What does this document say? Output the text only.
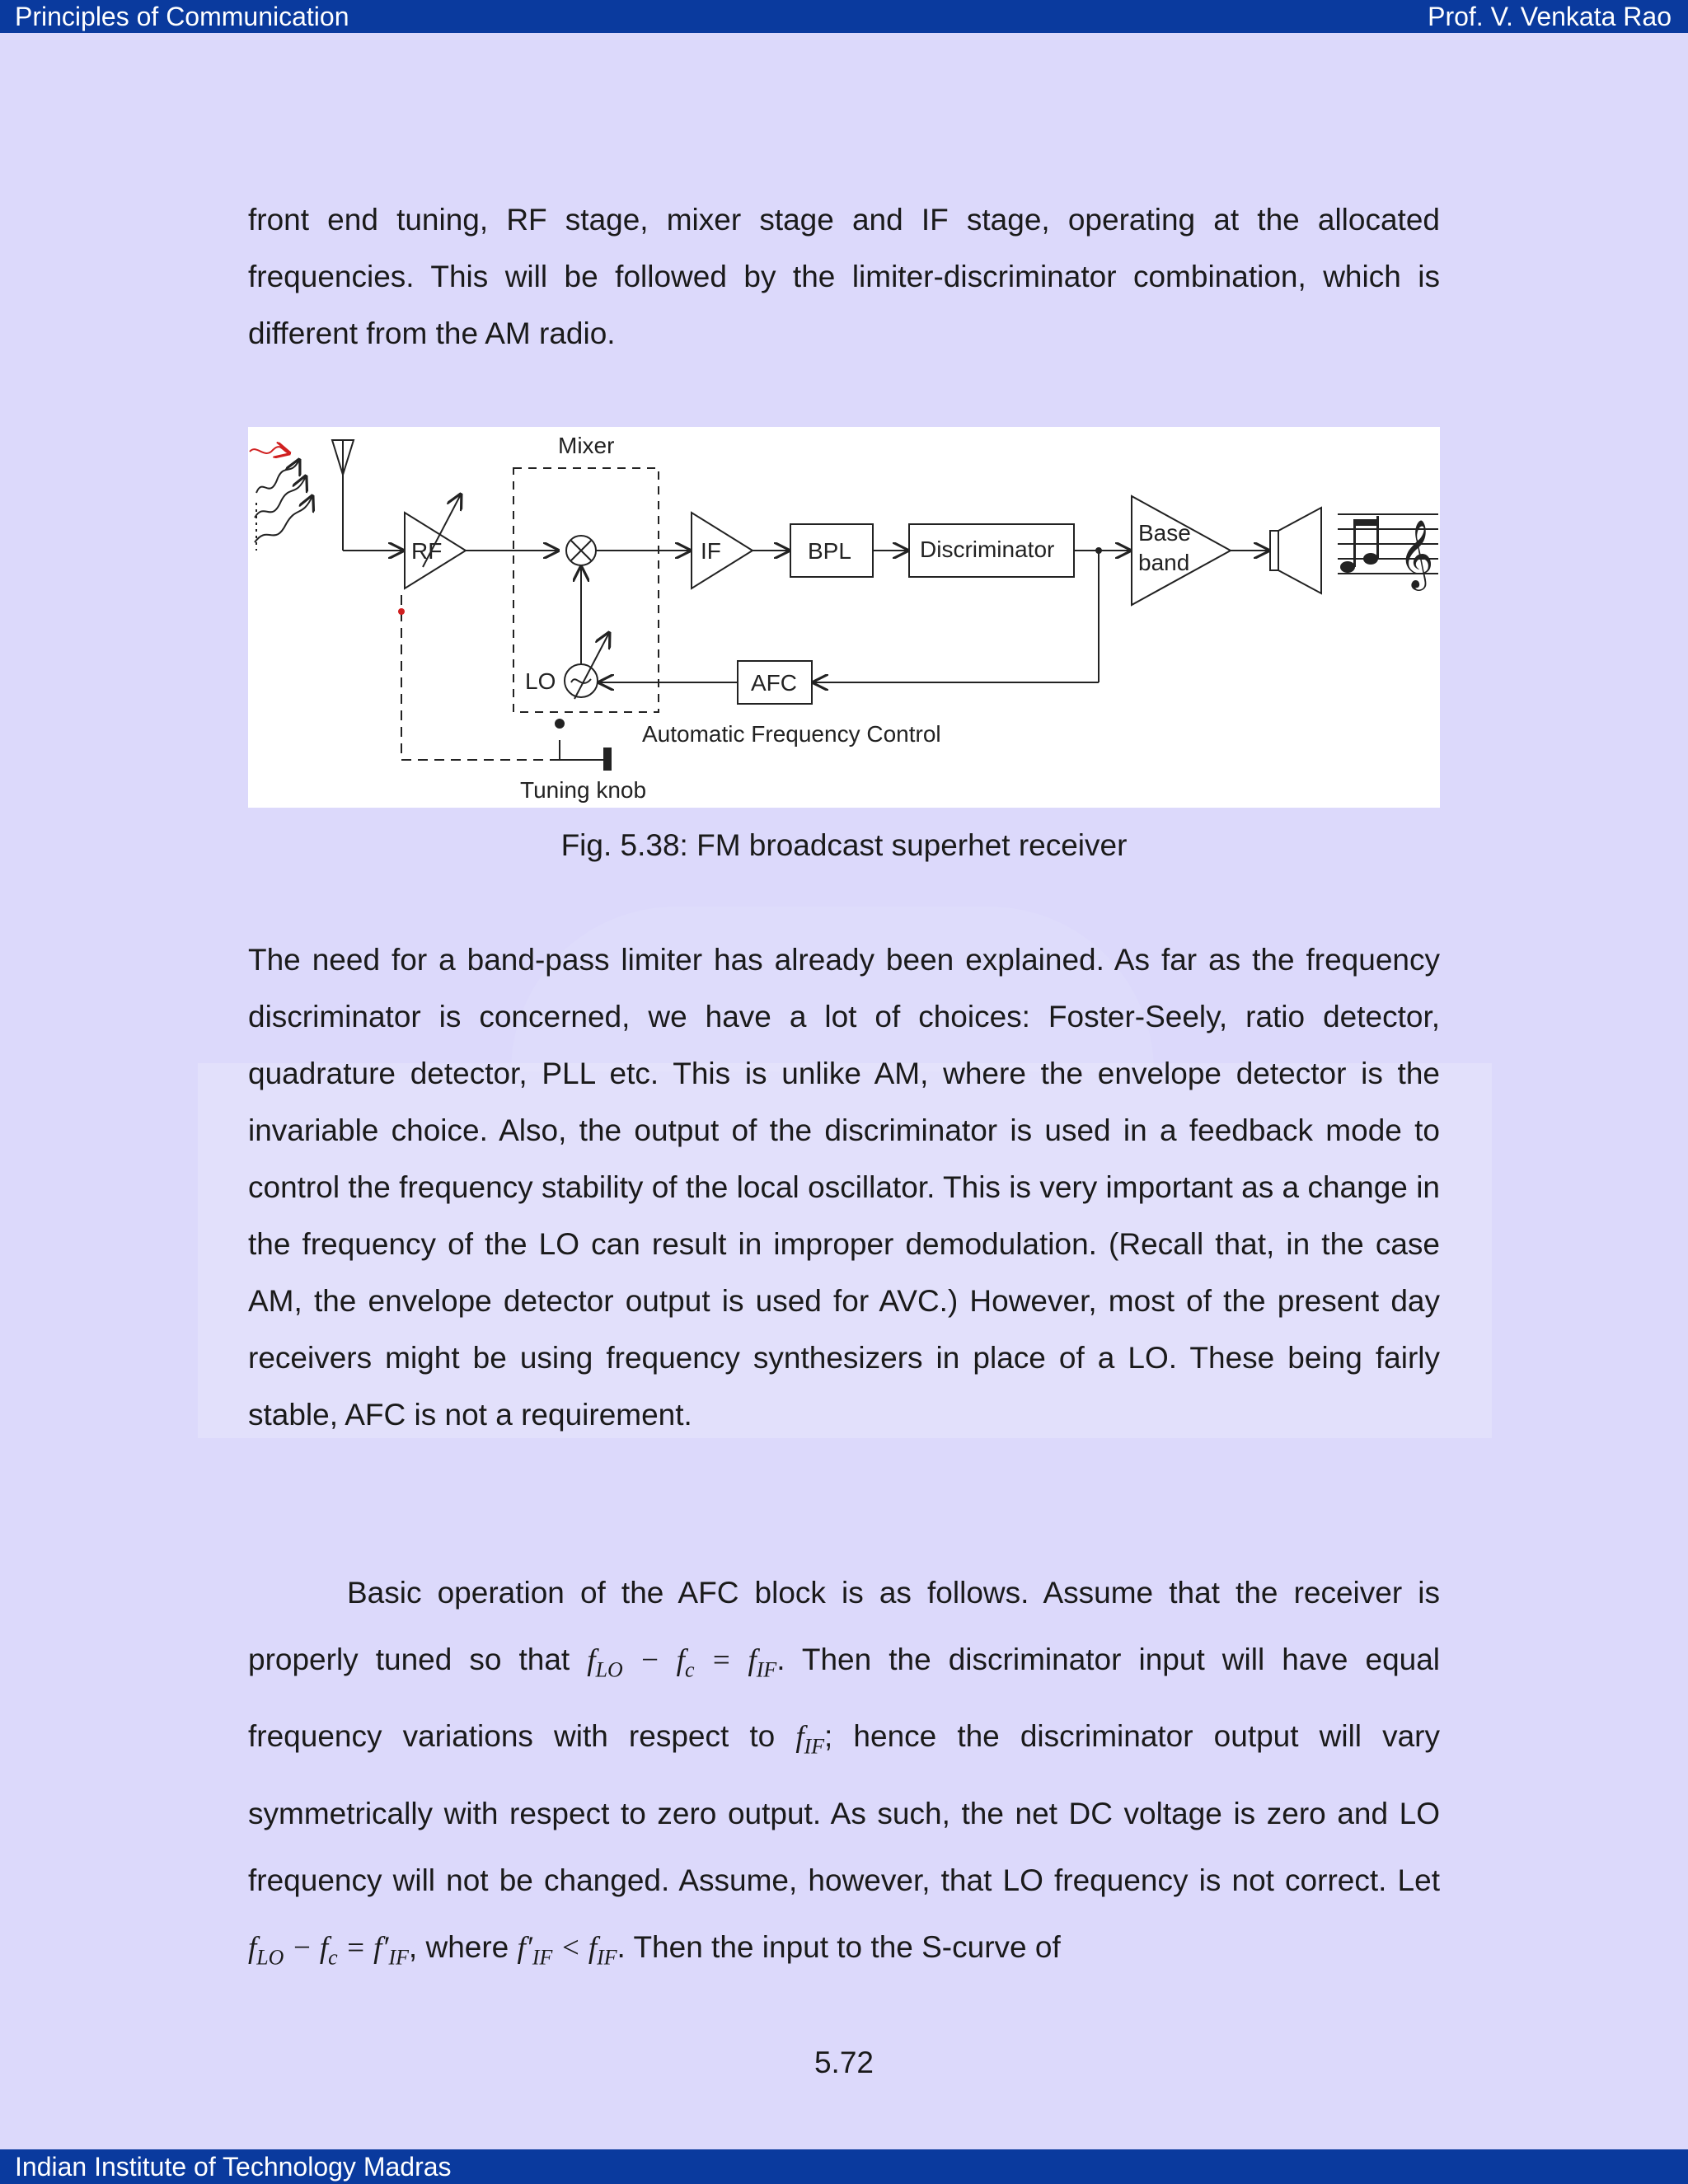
Principles of Communication	Prof. V. Venkata Rao

front end tuning, RF stage, mixer stage and IF stage, operating at the allocated frequencies. This will be followed by the limiter-discriminator combination, which is different from the AM radio.

𝄞
Mixer
RF	IF	BPL	Discriminator
Base
band
LO	AFC
Automatic Frequency Control
Tuning knob
Fig. 5.38: FM broadcast superhet receiver

The need for a band-pass limiter has already been explained. As far as the frequency discriminator is concerned, we have a lot of choices: Foster-Seely, ratio detector, quadrature detector, PLL etc. This is unlike AM, where the envelope detector is the invariable choice. Also, the output of the discriminator is used in a feedback mode to control the frequency stability of the local oscillator. This is very important as a change in the frequency of the LO can result in improper demodulation. (Recall that, in the case AM, the envelope detector output is used for AVC.) However, most of the present day receivers might be using frequency synthesizers in place of a LO. These being fairly stable, AFC is not a requirement.

Basic operation of the AFC block is as follows. Assume that the receiver is properly tuned so that $f_{LO} - f_c = f_{IF}$. Then the discriminator input will have equal frequency variations with respect to $f_{IF}$; hence the discriminator output will vary symmetrically with respect to zero output. As such, the net DC voltage is zero and LO frequency will not be changed. Assume, however, that LO frequency is not correct. Let $f_{LO} - f_c = f'_{IF}$, where $f'_{IF} < f_{IF}$. Then the input to the S-curve of

5.72
Indian Institute of Technology Madras
